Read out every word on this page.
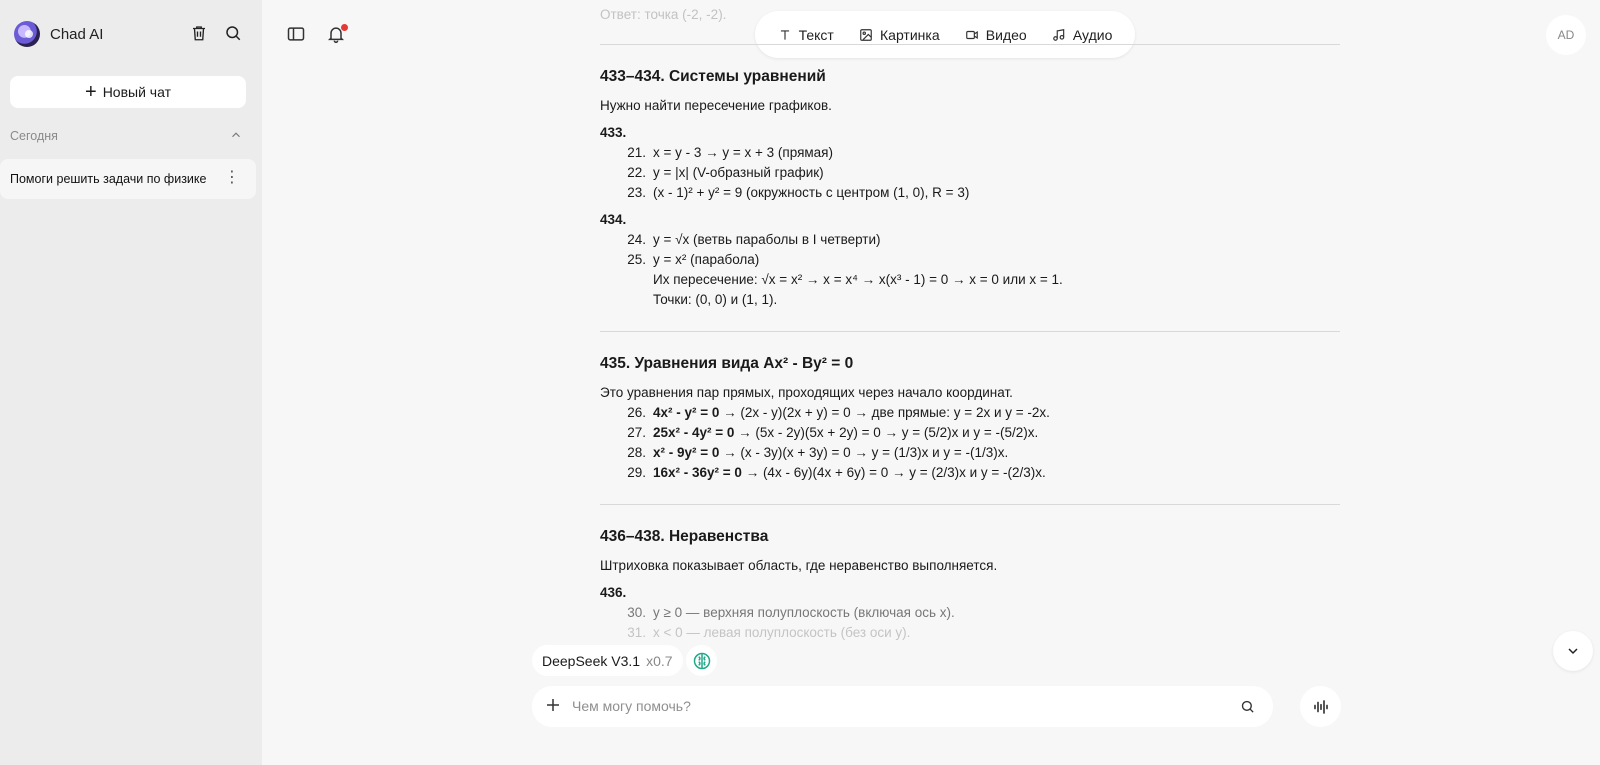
Chad AI
+ Новый чат
Сегодня
Помоги решить задачи по физике ⋮
Текст	Картинка	Видео	Аудио	AD
Ответ: точка (-2, -2).
433–434. Системы уравнений
Нужно найти пересечение графиков.
433.
21. x = y - 3 → y = x + 3 (прямая)
22. y = |x| (V-образный график)
23. (x - 1)² + y² = 9 (окружность с центром (1, 0), R = 3)
434.
24. y = √x (ветвь параболы в I четверти)
25. y = x² (парабола)
Их пересечение: √x = x² → x = x⁴ → x(x³ - 1) = 0 → x = 0 или x = 1.
Точки: (0, 0) и (1, 1).
435. Уравнения вида Ax² - By² = 0
Это уравнения пар прямых, проходящих через начало координат.
26. 4x² - y² = 0 → (2x - y)(2x + y) = 0 → две прямые: y = 2x и y = -2x.
27. 25x² - 4y² = 0 → (5x - 2y)(5x + 2y) = 0 → y = (5/2)x и y = -(5/2)x.
28. x² - 9y² = 0 → (x - 3y)(x + 3y) = 0 → y = (1/3)x и y = -(1/3)x.
29. 16x² - 36y² = 0 → (4x - 6y)(4x + 6y) = 0 → y = (2/3)x и y = -(2/3)x.
436–438. Неравенства
Штриховка показывает область, где неравенство выполняется.
436.
30. y ≥ 0 — верхняя полуплоскость (включая ось x).
31. x < 0 — левая полуплоскость (без оси y).
DeepSeek V3.1 x0.7
Чем могу помочь?
